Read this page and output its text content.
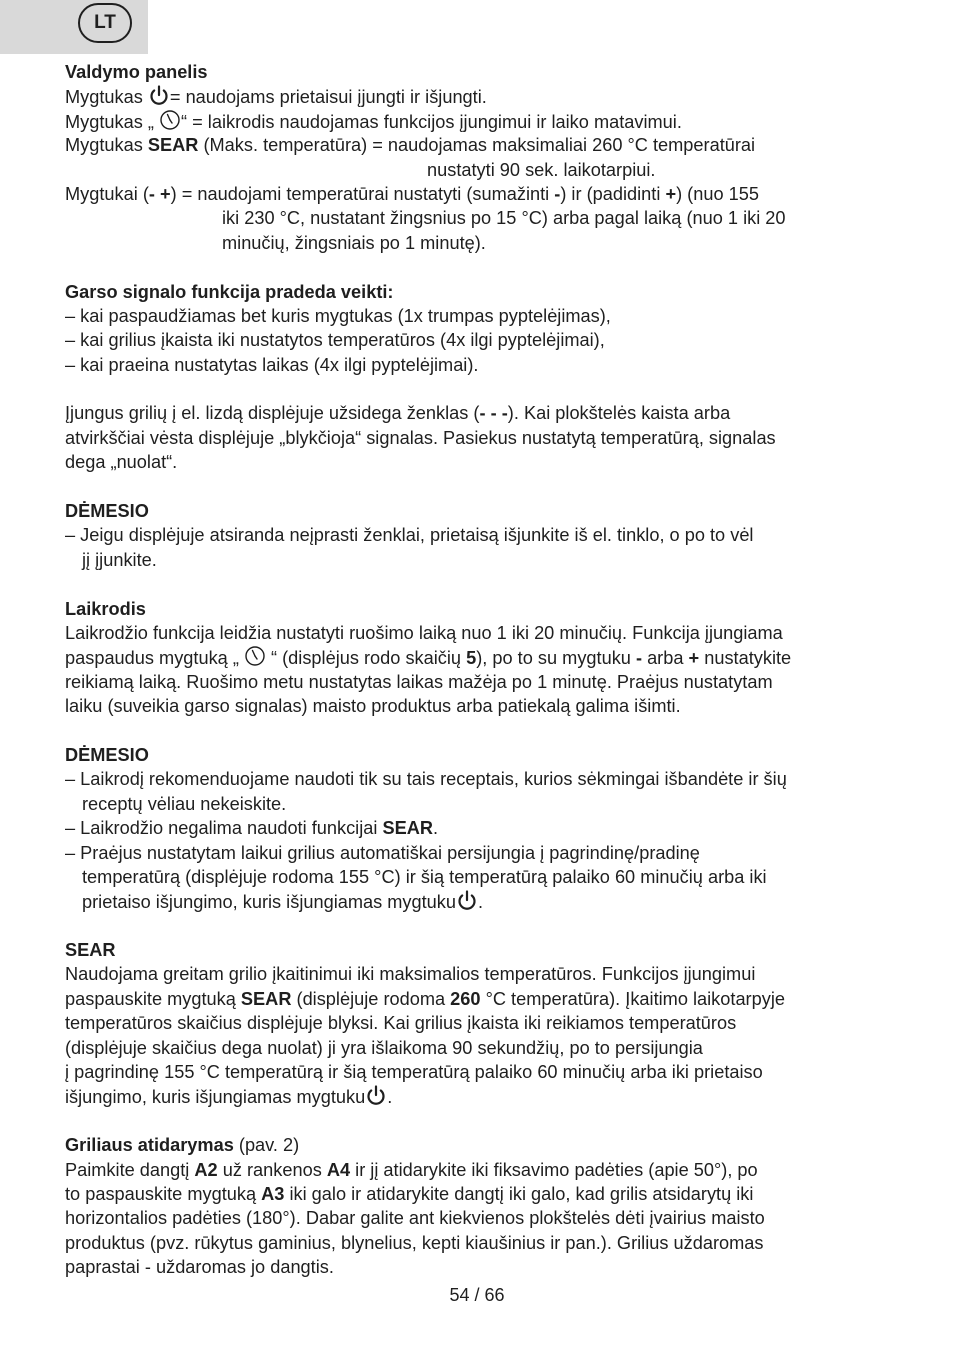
LT
Valdymo panelis
Mygtukas = naudojams prietaisui įjungti ir išjungti.
Mygtukas „ “ = laikrodis naudojamas funkcijos įjungimui ir laiko matavimui.
Mygtukas SEAR (Maks. temperatūra) = naudojamas maksimaliai 260 °C temperatūrai
nustatyti 90 sek. laikotarpiui.
Mygtukai (- +) = naudojami temperatūrai nustatyti (sumažinti -) ir (padidinti +) (nuo 155
iki 230 °C, nustatant žingsnius po 15 °C) arba pagal laiką (nuo 1 iki 20
minučių, žingsniais po 1 minutę).
Garso signalo funkcija pradeda veikti:
– kai paspaudžiamas bet kuris mygtukas (1x trumpas pyptelėjimas),
– kai grilius įkaista iki nustatytos temperatūros (4x ilgi pyptelėjimai),
– kai praeina nustatytas laikas (4x ilgi pyptelėjimai).
Įjungus grilių į el. lizdą displėjuje užsidega ženklas (- - -). Kai plokštelės kaista arba
atvirkščiai vėsta displėjuje „blykčioja“ signalas. Pasiekus nustatytą temperatūrą, signalas
dega „nuolat“.
DĖMESIO
– Jeigu displėjuje atsiranda neįprasti ženklai, prietaisą išjunkite iš el. tinklo, o po to vėl
jį įjunkite.
Laikrodis
Laikrodžio funkcija leidžia nustatyti ruošimo laiką nuo 1 iki 20 minučių. Funkcija įjungiama
paspaudus mygtuką „  “ (displėjus rodo skaičių 5), po to su mygtuku - arba + nustatykite
reikiamą laiką. Ruošimo metu nustatytas laikas mažėja po 1 minutę. Praėjus nustatytam
laiku (suveikia garso signalas) maisto produktus arba patiekalą galima išimti.
DĖMESIO
– Laikrodį rekomenduojame naudoti tik su tais receptais, kurios sėkmingai išbandėte ir šių
receptų vėliau nekeiskite.
– Laikrodžio negalima naudoti funkcijai SEAR.
– Praėjus nustatytam laikui grilius automatiškai persijungia į pagrindinę/pradinę
temperatūrą (displėjuje rodoma 155 °C) ir šią temperatūrą palaiko 60 minučių arba iki
prietaiso išjungimo, kuris išjungiamas mygtuku .
SEAR
Naudojama greitam grilio įkaitinimui iki maksimalios temperatūros. Funkcijos įjungimui
paspauskite mygtuką SEAR (displėjuje rodoma 260 °C temperatūra). Įkaitimo laikotarpyje
temperatūros skaičius displėjuje blyksi. Kai grilius įkaista iki reikiamos temperatūros
(displėjuje skaičius dega nuolat) ji yra išlaikoma 90 sekundžių, po to persijungia
į pagrindinę 155 °C temperatūrą ir šią temperatūrą palaiko 60 minučių arba iki prietaiso
išjungimo, kuris išjungiamas mygtuku .
Griliaus atidarymas (pav. 2)
Paimkite dangtį A2 už rankenos A4 ir jį atidarykite iki fiksavimo padėties (apie 50°), po
to paspauskite mygtuką A3 iki galo ir atidarykite dangtį iki galo, kad grilis atsidarytų iki
horizontalios padėties (180°). Dabar galite ant kiekvienos plokštelės dėti įvairius maisto
produktus (pvz. rūkytus gaminius, blynelius, kepti kiaušinius ir pan.). Grilius uždaromas
paprastai - uždaromas jo dangtis.
54 / 66
